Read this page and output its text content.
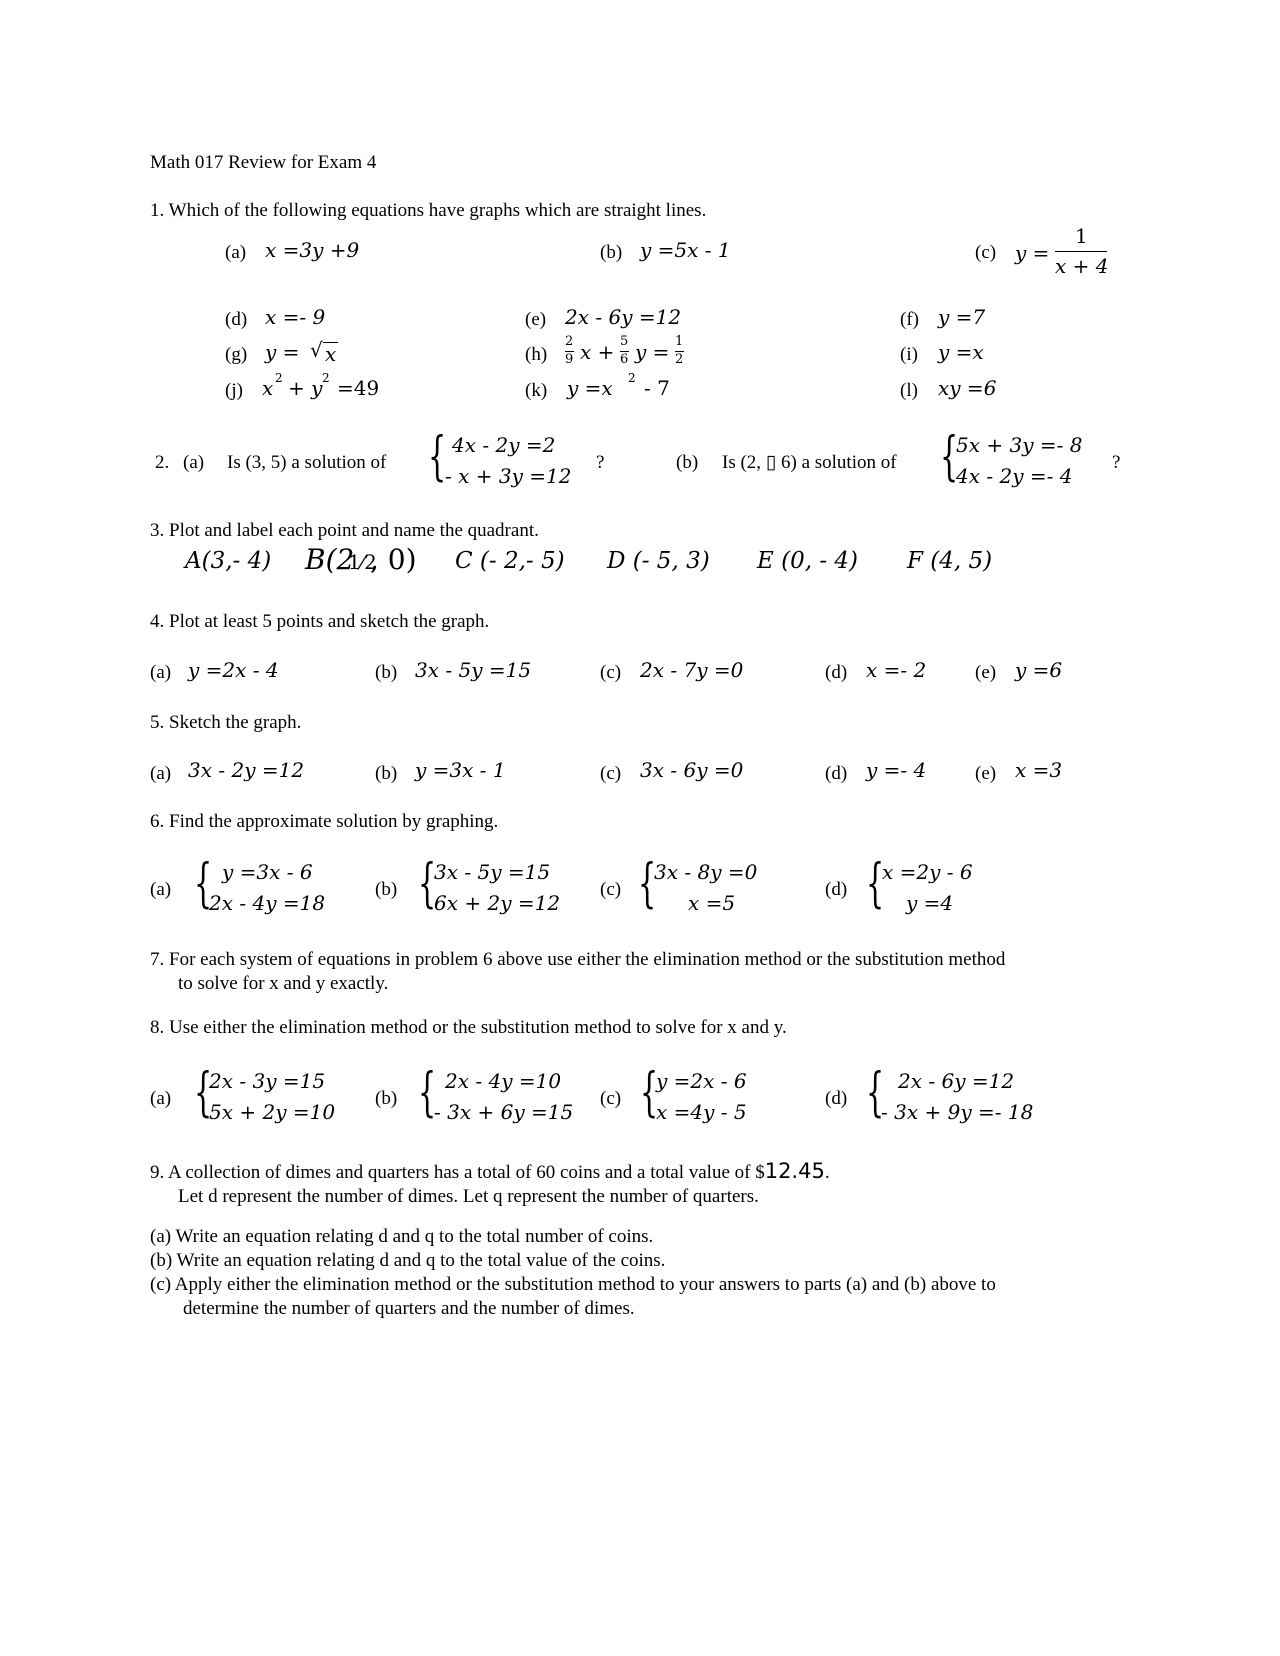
Math 017 Review for Exam 4
1. Which of the following equations have graphs which are straight lines.
(a) x =3y +9	(b) y =5x - 1	(c) y =
1
x + 4
(d) x =- 9	(e) 2x - 6y =12	(f) y =7
(g) y = √ x	(h)
2
9 x + 5
6 y = 1
2	(i) y =x
(j) x 2 + y 2 =49	(k) y =x 2 - 7	(l) xy =6
2. (a) Is (3, 5) a solution of { 4x - 2y =2
- x + 3y =12
?	(b) Is (2, ▯ 6) a solution of {
5x + 3y =- 8
4x - 2y =- 4
?
3. Plot and label each point and name the quadrant.
A(3,- 4) B(2
1⁄2
, 0) C (- 2,- 5) D (- 5, 3) E (0, - 4) F (4, 5)
4. Plot at least 5 points and sketch the graph.
(a) y =2x - 4	(b) 3x - 5y =15	(c) 2x - 7y =0	(d) x =- 2	(e) y =6
5. Sketch the graph.
(a) 3x - 2y =12	(b) y =3x - 1	(c) 3x - 6y =0	(d) y =- 4	(e) x =3
6. Find the approximate solution by graphing.
(a) { y =3x - 6
2x - 4y =18
(b) {
3x - 5y =15
6x + 2y =12
(c) {
3x - 8y =0
x =5
(d) {
x =2y - 6
y =4
7. For each system of equations in problem 6 above use either the elimination method or the substitution method
to solve for x and y exactly.
8. Use either the elimination method or the substitution method to solve for x and y.
(a) {
2x - 3y =15
5x + 2y =10
(b) { 2x - 4y =10
- 3x + 6y =15
(c) {
y =2x - 6
x =4y - 5
(d) { 2x - 6y =12
- 3x + 9y =- 18
9. A collection of dimes and quarters has a total of 60 coins and a total value of $12.45.
Let d represent the number of dimes. Let q represent the number of quarters.
(a) Write an equation relating d and q to the total number of coins.
(b) Write an equation relating d and q to the total value of the coins.
(c) Apply either the elimination method or the substitution method to your answers to parts (a) and (b) above to
determine the number of quarters and the number of dimes.
